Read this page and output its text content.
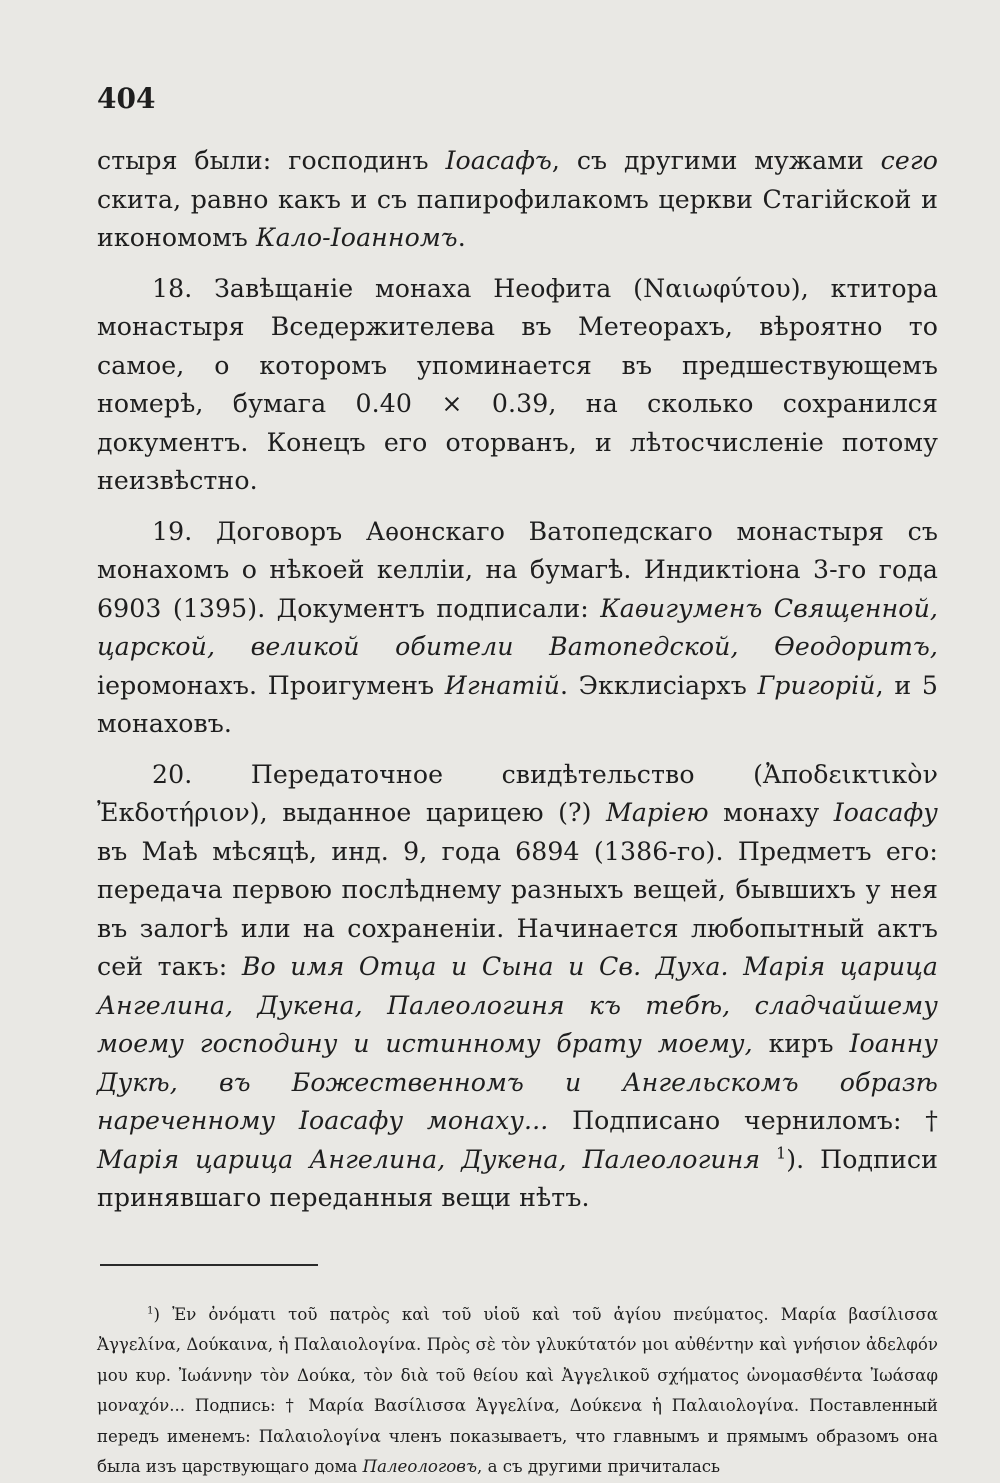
404

стыря были: господинъ Іоасафъ, съ другими мужами сего скита, равно какъ и съ папирофилакомъ церкви Стагійской и икономомъ Кало-Іоанномъ.

18. Завѣщаніе монаха Неофита (Ναιωφύτου), ктитора монастыря Вседержителева въ Метеорахъ, вѣроятно то самое, о которомъ упоминается въ предшествующемъ номерѣ, бумага 0.40 × 0.39, на сколько сохранился документъ. Конецъ его оторванъ, и лѣтосчисленіе потому неизвѣстно.

19. Договоръ Аѳонскаго Ватопедскаго монастыря съ монахомъ о нѣкоей келліи, на бумагѣ. Индиктіона 3-го года 6903 (1395). Документъ подписали: Каѳигуменъ Священной, царской, великой обители Ватопедской, Ѳеодоритъ, іеромонахъ. Проигуменъ Игнатій. Экклисіархъ Григорій, и 5 монаховъ.

20. Передаточное свидѣтельство (Ἀποδεικτικὸν Ἐκδοτήριον), выданное царицею (?) Маріею монаху Іоасафу въ Маѣ мѣсяцѣ, инд. 9, года 6894 (1386-го). Предметъ его: передача первою послѣднему разныхъ вещей, бывшихъ у нея въ залогѣ или на сохраненіи. Начинается любопытный актъ сей такъ: Во имя Отца и Сына и Св. Духа. Марія царица Ангелина, Дукена, Палеологиня къ тебѣ, сладчайшему моему господину и истинному брату моему, киръ Іоанну Дукѣ, въ Божественномъ и Ангельскомъ образѣ нареченному Іоасафу монаху... Подписано черниломъ: † Марія царица Ангелина, Дукена, Палеологиня $^1$). Подписи принявшаго переданныя вещи нѣтъ.

$^1$) Ἐν ὀνόματι τοῦ πατρὸς καὶ τοῦ υἱοῦ καὶ τοῦ ἁγίου πνεύματος. Μαρία βασίλισσα Ἀγγελίνα, Δούκαινα, ἡ Παλαιολογίνα. Πρὸς σὲ τὸν γλυκύτατόν μοι αὐθέντην καὶ γνήσιον ἀδελφόν μου κυρ. Ἰωάννην τὸν Δούκα, τὸν διὰ τοῦ θείου καὶ Ἀγγελικοῦ σχήματος ὠνομασθέντα Ἰωάσαφ μοναχόν... Подпись: † Μαρία Βασίλισσα Ἀγγελίνα, Δούκενα ἡ Παλαιολογίνα. Поставленный передъ именемъ: Παλαιολογίνα членъ показываетъ, что главнымъ и прямымъ образомъ она была изъ царствующаго дома Палеологовъ, а съ другими причиталась
